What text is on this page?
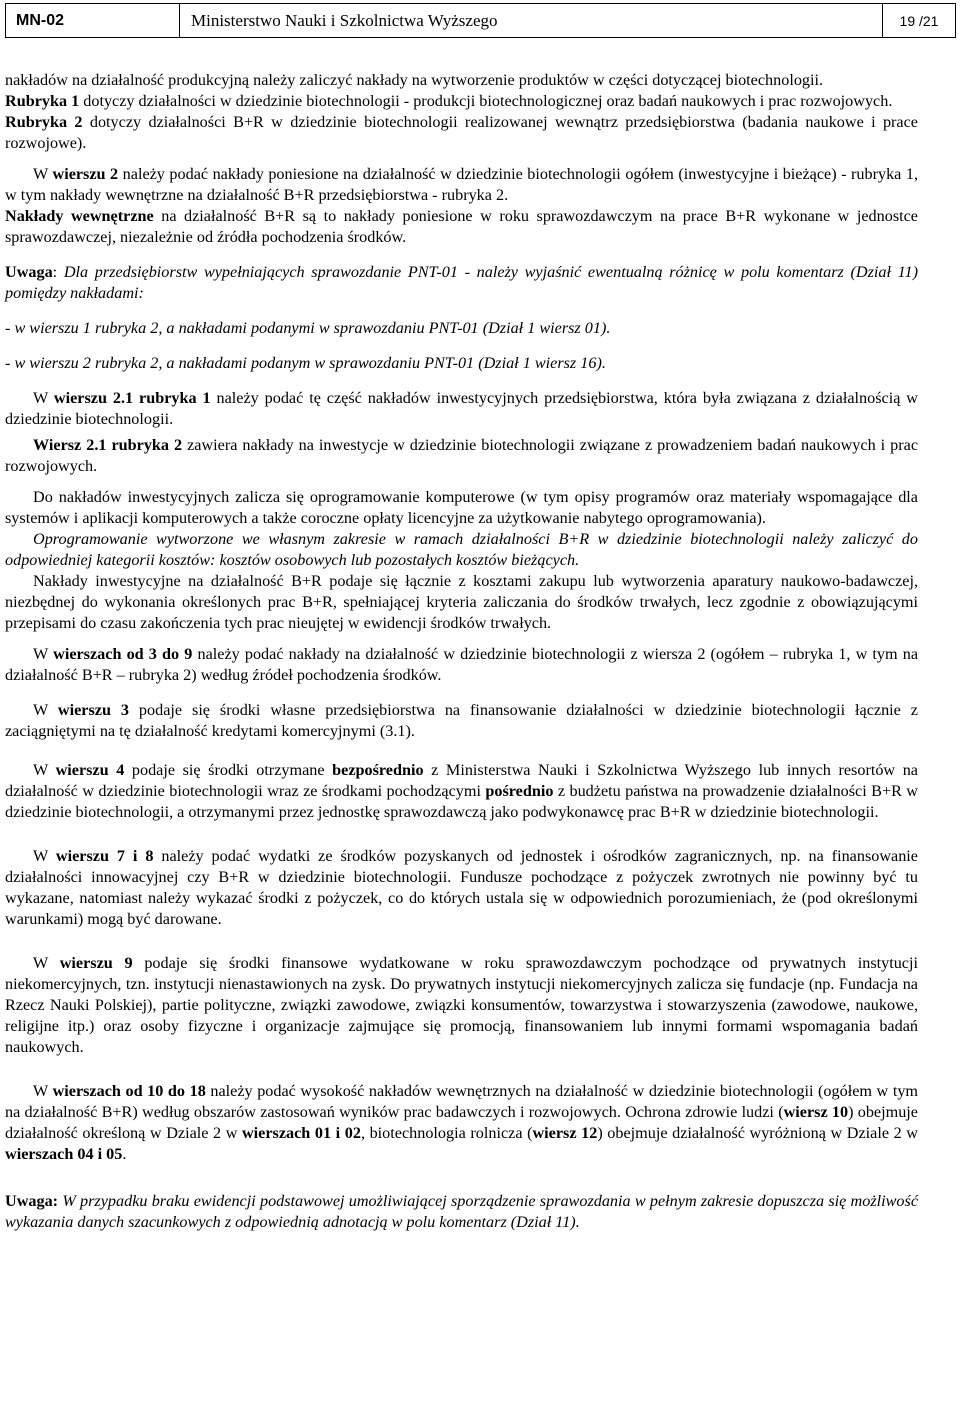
MN-02	Ministerstwo Nauki i Szkolnictwa Wyższego	19 /21

nakładów na działalność produkcyjną należy zaliczyć nakłady na wytworzenie produktów w części dotyczącej biotechnologii.

Rubryka 1 dotyczy działalności w dziedzinie biotechnologii - produkcji biotechnologicznej oraz badań naukowych i prac rozwojowych.

Rubryka 2 dotyczy działalności B+R w dziedzinie biotechnologii realizowanej wewnątrz przedsiębiorstwa (badania naukowe i prace rozwojowe).

W wierszu 2 należy podać nakłady poniesione na działalność w dziedzinie biotechnologii ogółem (inwestycyjne i bieżące) - rubryka 1, w tym nakłady wewnętrzne na działalność B+R przedsiębiorstwa - rubryka 2.

Nakłady wewnętrzne na działalność B+R są to nakłady poniesione w roku sprawozdawczym na prace B+R wykonane w jednostce sprawozdawczej, niezależnie od źródła pochodzenia środków.

Uwaga: Dla przedsiębiorstw wypełniających sprawozdanie PNT-01 - należy wyjaśnić ewentualną różnicę w polu komentarz (Dział 11) pomiędzy nakładami:

- w wierszu 1 rubryka 2, a nakładami podanymi w sprawozdaniu PNT-01 (Dział 1 wiersz 01).

- w wierszu 2 rubryka 2, a nakładami podanym w sprawozdaniu PNT-01 (Dział 1 wiersz 16).

W wierszu 2.1 rubryka 1 należy podać tę część nakładów inwestycyjnych przedsiębiorstwa, która była związana z działalnością w dziedzinie biotechnologii.

Wiersz 2.1 rubryka 2 zawiera nakłady na inwestycje w dziedzinie biotechnologii związane z prowadzeniem badań naukowych i prac rozwojowych.

Do nakładów inwestycyjnych zalicza się oprogramowanie komputerowe (w tym opisy programów oraz materiały wspomagające dla systemów i aplikacji komputerowych a także coroczne opłaty licencyjne za użytkowanie nabytego oprogramowania).

Oprogramowanie wytworzone we własnym zakresie w ramach działalności B+R w dziedzinie biotechnologii należy zaliczyć do odpowiedniej kategorii kosztów: kosztów osobowych lub pozostałych kosztów bieżących.

Nakłady inwestycyjne na działalność B+R podaje się łącznie z kosztami zakupu lub wytworzenia aparatury naukowo-badawczej, niezbędnej do wykonania określonych prac B+R, spełniającej kryteria zaliczania do środków trwałych, lecz zgodnie z obowiązującymi przepisami do czasu zakończenia tych prac nieujętej w ewidencji środków trwałych.

W wierszach od 3 do 9 należy podać nakłady na działalność w dziedzinie biotechnologii z wiersza 2 (ogółem – rubryka 1, w tym na działalność B+R – rubryka 2) według źródeł pochodzenia środków.

W wierszu 3 podaje się środki własne przedsiębiorstwa na finansowanie działalności w dziedzinie biotechnologii łącznie z zaciągniętymi na tę działalność kredytami komercyjnymi (3.1).

W wierszu 4 podaje się środki otrzymane bezpośrednio z Ministerstwa Nauki i Szkolnictwa Wyższego lub innych resortów na działalność w dziedzinie biotechnologii wraz ze środkami pochodzącymi pośrednio z budżetu państwa na prowadzenie działalności B+R w dziedzinie biotechnologii, a otrzymanymi przez jednostkę sprawozdawczą jako podwykonawcę prac B+R w dziedzinie biotechnologii.

W wierszu 7 i 8 należy podać wydatki ze środków pozyskanych od jednostek i ośrodków zagranicznych, np. na finansowanie działalności innowacyjnej czy B+R w dziedzinie biotechnologii. Fundusze pochodzące z pożyczek zwrotnych nie powinny być tu wykazane, natomiast należy wykazać środki z pożyczek, co do których ustala się w odpowiednich porozumieniach, że (pod określonymi warunkami) mogą być darowane.

W wierszu 9 podaje się środki finansowe wydatkowane w roku sprawozdawczym pochodzące od prywatnych instytucji niekomercyjnych, tzn. instytucji nienastawionych na zysk. Do prywatnych instytucji niekomercyjnych zalicza się fundacje (np. Fundacja na Rzecz Nauki Polskiej), partie polityczne, związki zawodowe, związki konsumentów, towarzystwa i stowarzyszenia (zawodowe, naukowe, religijne itp.) oraz osoby fizyczne i organizacje zajmujące się promocją, finansowaniem lub innymi formami wspomagania badań naukowych.

W wierszach od 10 do 18 należy podać wysokość nakładów wewnętrznych na działalność w dziedzinie biotechnologii (ogółem w tym na działalność B+R) według obszarów zastosowań wyników prac badawczych i rozwojowych. Ochrona zdrowie ludzi (wiersz 10) obejmuje działalność określoną w Dziale 2 w wierszach 01 i 02, biotechnologia rolnicza (wiersz 12) obejmuje działalność wyróżnioną w Dziale 2 w wierszach 04 i 05.

Uwaga: W przypadku braku ewidencji podstawowej umożliwiającej sporządzenie sprawozdania w pełnym zakresie dopuszcza się możliwość wykazania danych szacunkowych z odpowiednią adnotacją w polu komentarz (Dział 11).
